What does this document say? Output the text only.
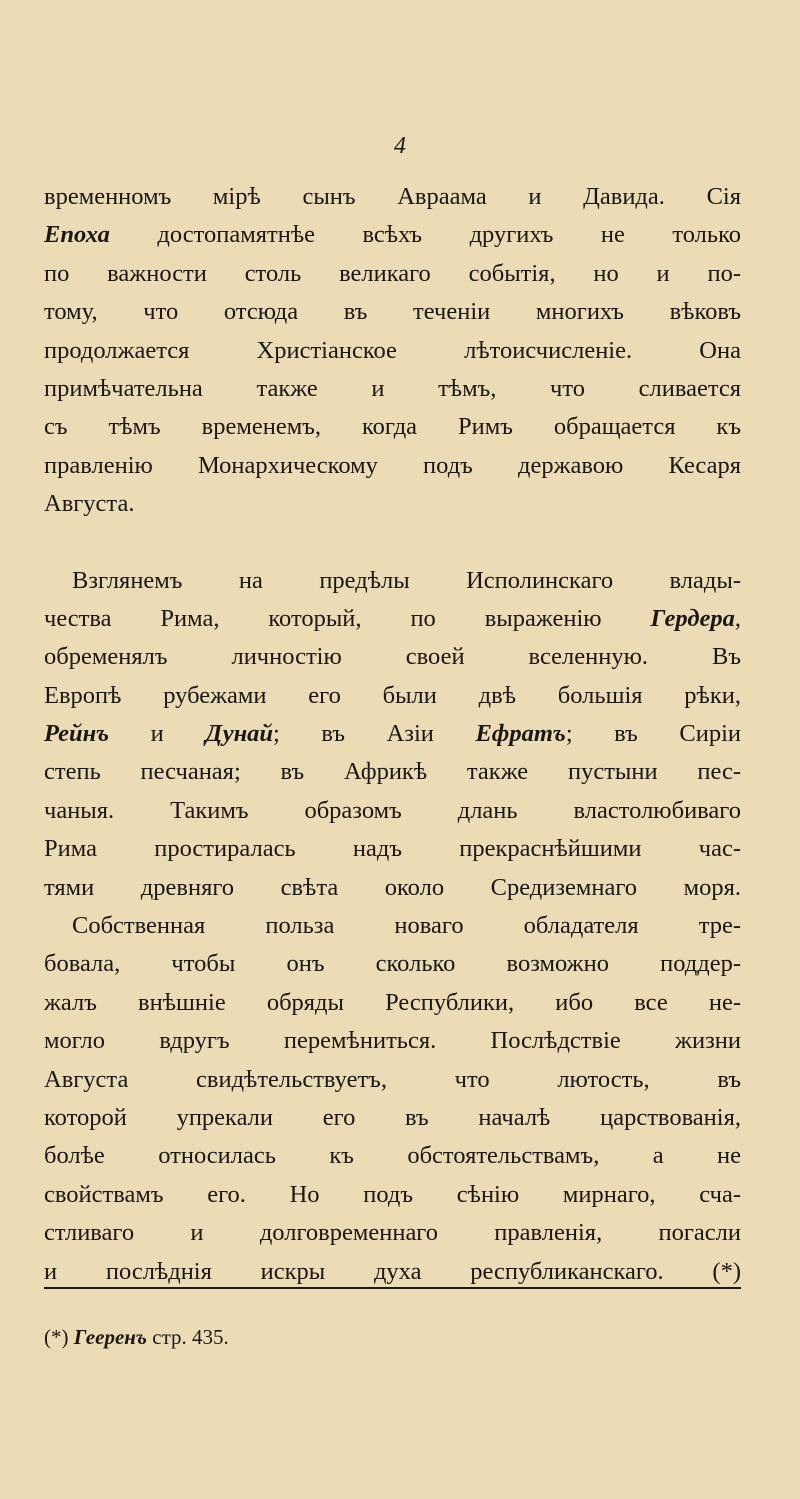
4
временномъ мірѣ сынъ Авраама и Давида. Сія
Епоха достопамятнѣе всѣхъ другихъ не только
по важности столь великаго событія, но и по-
тому, что отсюда въ теченіи многихъ вѣковъ
продолжается Христіанское лѣтоисчисленіе. Она
примѣчательна также и тѣмъ, что сливается
съ тѣмъ временемъ, когда Римъ обращается къ
правленію Монархическому подъ державою Кесаря
Августа.
Взглянемъ на предѣлы Исполинскаго влады-
чества Рима, который, по выраженію Гердера,
обременялъ личностію своей вселенную. Въ
Европѣ рубежами его были двѣ большія рѣки,
Рейнъ и Дунай; въ Азіи Ефратъ; въ Сиріи
степь песчаная; въ Африкѣ также пустыни пес-
чаныя. Такимъ образомъ длань властолюбиваго
Рима простиралась надъ прекраснѣйшими час-
тями древняго свѣта около Средиземнаго моря.
Собственная польза новаго обладателя тре-
бовала, чтобы онъ сколько возможно поддер-
жалъ внѣшніе обряды Республики, ибо все не-
могло вдругъ перемѣниться. Послѣдствіе жизни
Августа свидѣтельствуетъ, что лютость, въ
которой упрекали его въ началѣ царствованія,
болѣе относилась къ обстоятельствамъ, а не
свойствамъ его. Но подъ сѣнію мирнаго, сча-
стливаго и долговременнаго правленія, погасли
и послѣднія искры духа республиканскаго. (*)
(*) Гееренъ стр. 435.
